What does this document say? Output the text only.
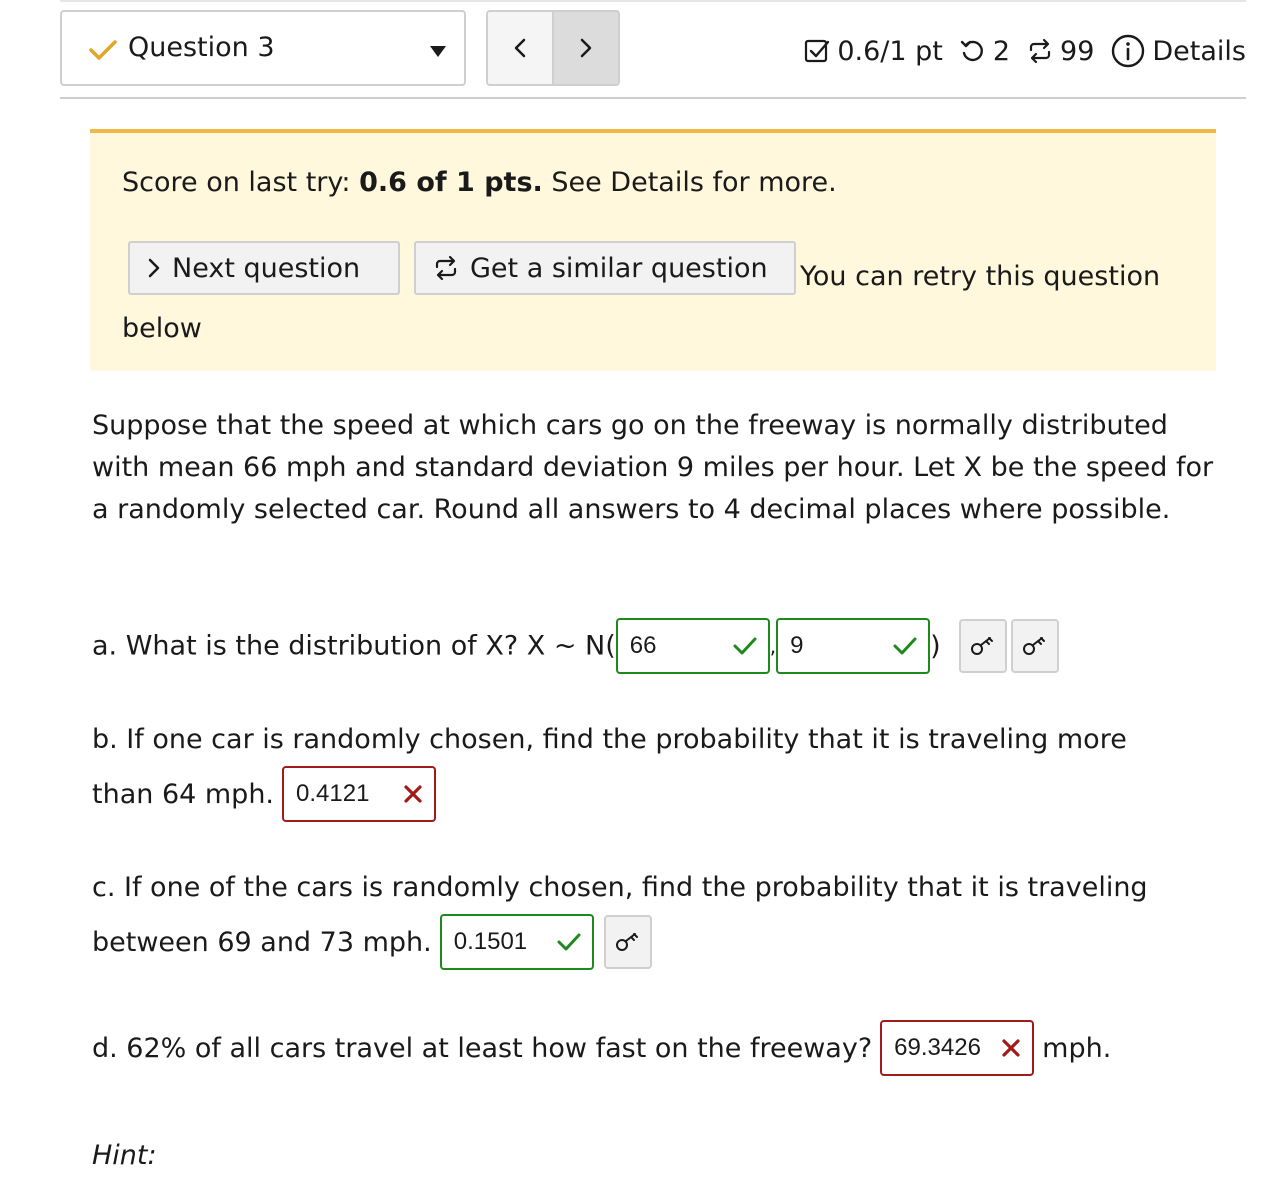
Question 3	0.6/1 pt 2 99 Details
Score on last try: 0.6 of 1 pts. See Details for more.
You can retry this question below
Next question	Get a similar question
Suppose that the speed at which cars go on the freeway is normally distributed with mean 66 mph and standard deviation 9 miles per hour. Let X be the speed for a randomly selected car. Round all answers to 4 decimal places where possible.
a. What is the distribution of X? X ~ N( 66	, 9	)
b. If one car is randomly chosen, find the probability that it is traveling more
than 64 mph. 0.4121
c. If one of the cars is randomly chosen, find the probability that it is traveling
between 69 and 73 mph. 0.1501
d. 62% of all cars travel at least how fast on the freeway? 69.3426 mph.
Hint:
